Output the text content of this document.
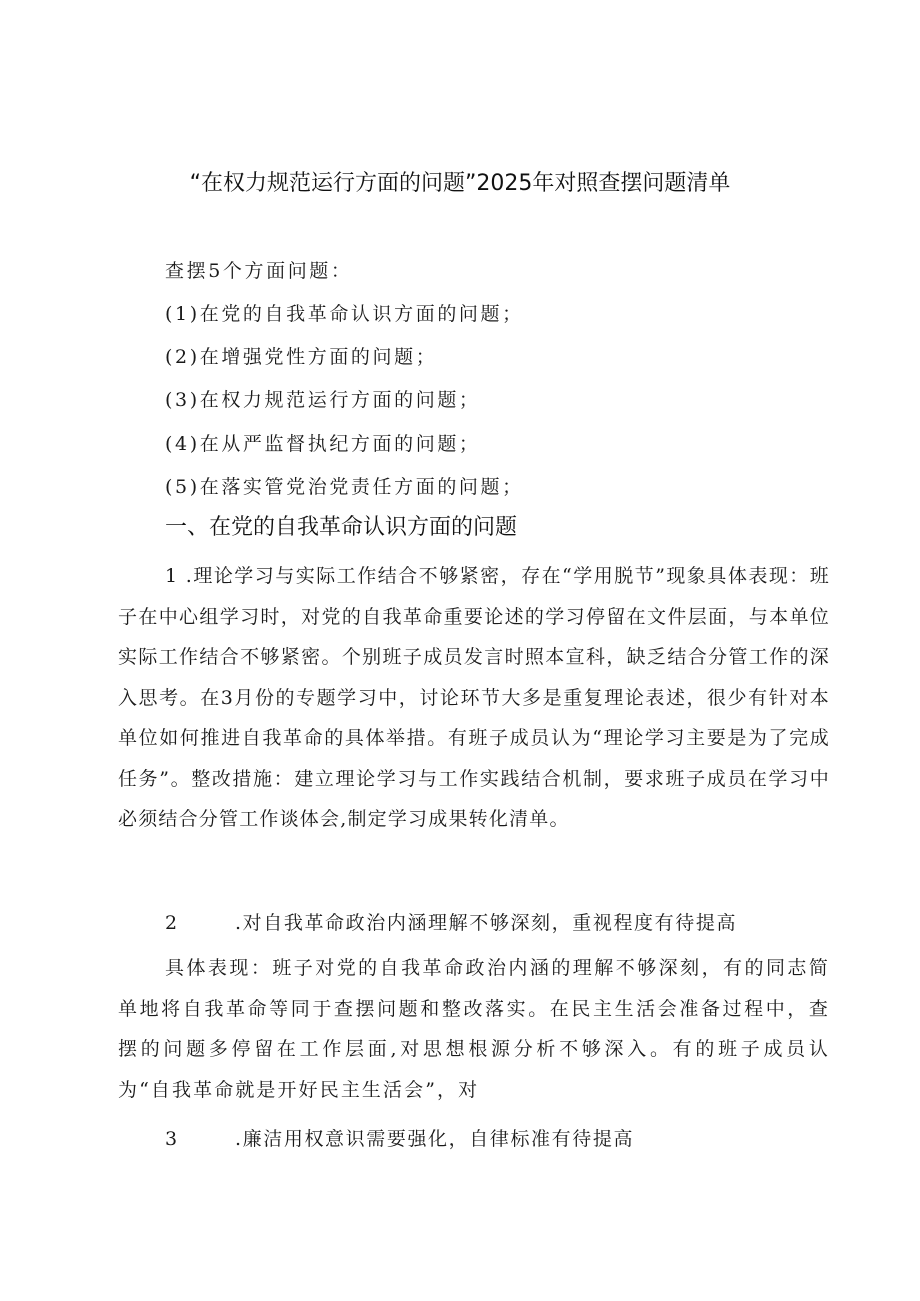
“在权力规范运行方面的问题”2025年对照查摆问题清单
查摆5个方面问题：
(1)在党的自我革命认识方面的问题；
(2)在增强党性方面的问题；
(3)在权力规范运行方面的问题；
(4)在从严监督执纪方面的问题；
(5)在落实管党治党责任方面的问题；
一、在党的自我革命认识方面的问题
1 .理论学习与实际工作结合不够紧密，存在“学用脱节”现象具体表现：班子在中心组学习时，对党的自我革命重要论述的学习停留在文件层面，与本单位实际工作结合不够紧密。个别班子成员发言时照本宣科，缺乏结合分管工作的深入思考。在3月份的专题学习中，讨论环节大多是重复理论表述，很少有针对本单位如何推进自我革命的具体举措。有班子成员认为“理论学习主要是为了完成任务”。整改措施：建立理论学习与工作实践结合机制，要求班子成员在学习中必须结合分管工作谈体会,制定学习成果转化清单。
2	.对自我革命政治内涵理解不够深刻，重视程度有待提高
具体表现：班子对党的自我革命政治内涵的理解不够深刻，有的同志简单地将自我革命等同于查摆问题和整改落实。在民主生活会准备过程中，查摆的问题多停留在工作层面,对思想根源分析不够深入。有的班子成员认为“自我革命就是开好民主生活会”，对
3	.廉洁用权意识需要强化，自律标准有待提高
